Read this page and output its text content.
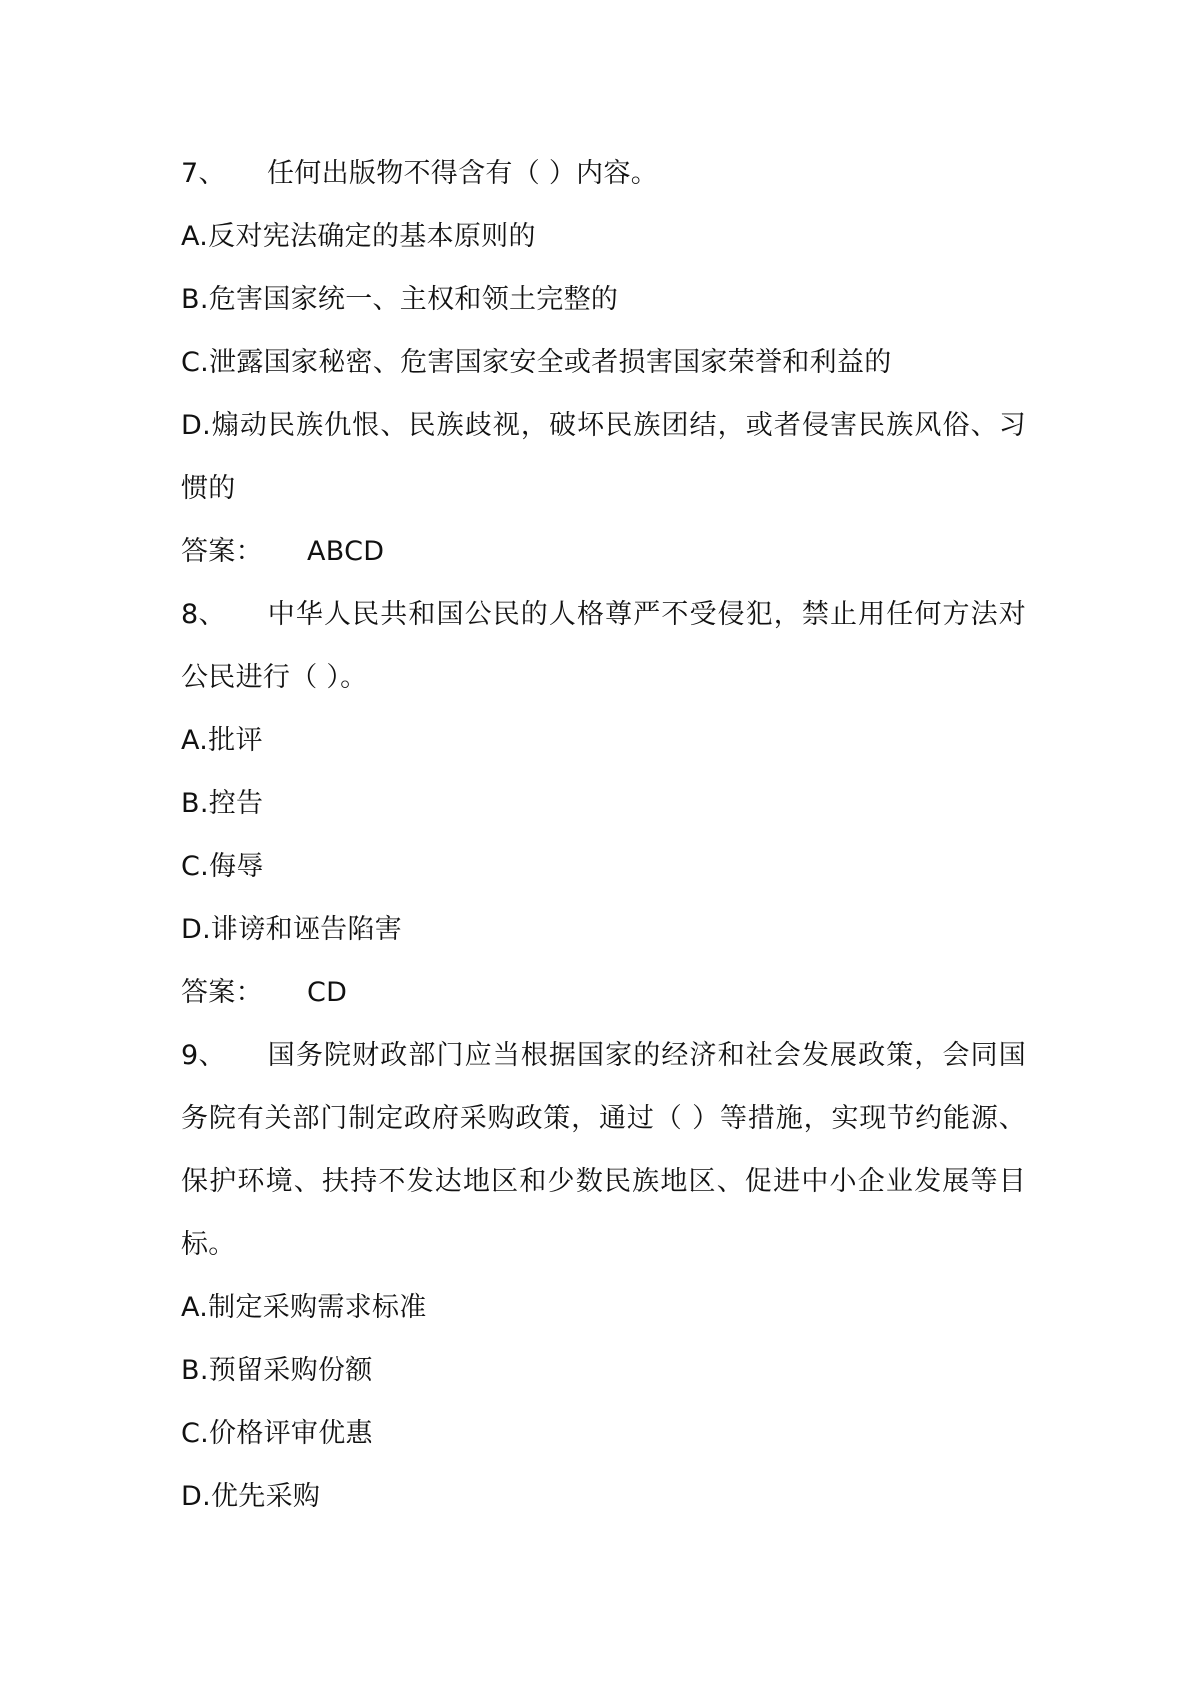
7、 任何出版物不得含有（ ）内容。
A.反对宪法确定的基本原则的
B.危害国家统一、主权和领土完整的
C.泄露国家秘密、危害国家安全或者损害国家荣誉和利益的
D.煽动民族仇恨、民族歧视，破坏民族团结，或者侵害民族风俗、习惯的
答案： ABCD
8、 中华人民共和国公民的人格尊严不受侵犯，禁止用任何方法对公民进行（ ）。
A.批评
B.控告
C.侮辱
D.诽谤和诬告陷害
答案： CD
9、 国务院财政部门应当根据国家的经济和社会发展政策，会同国务院有关部门制定政府采购政策，通过（ ）等措施，实现节约能源、保护环境、扶持不发达地区和少数民族地区、促进中小企业发展等目标。
A.制定采购需求标准
B.预留采购份额
C.价格评审优惠
D.优先采购
